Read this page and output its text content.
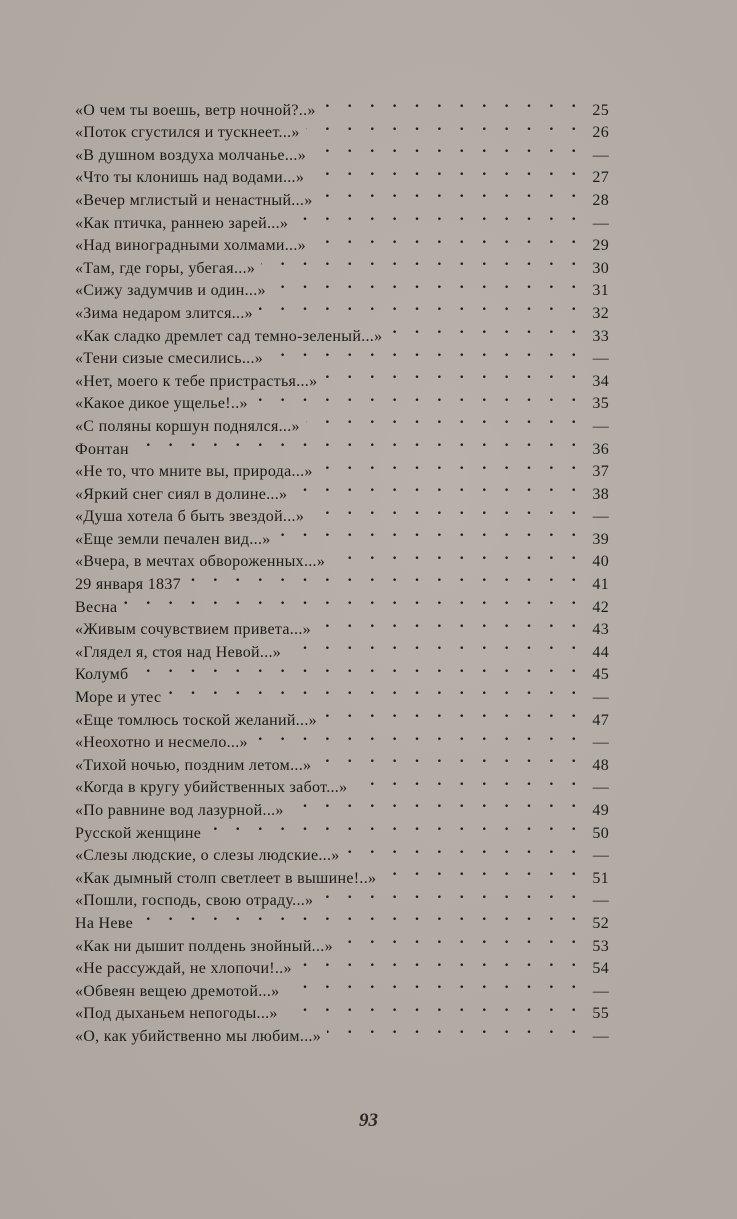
«О чем ты воешь, ветр ночной?..» . . .	25
«Поток сгустился и тускнеет...» . . .	26
«В душном воздуха молчанье...» . . .	—
«Что ты клонишь над водами...» . . .	27
«Вечер мглистый и ненастный...» . . .	28
«Как птичка, раннею зарей...» . . .	—
«Над виноградными холмами...» . . .	29
«Там, где горы, убегая...» . . .	30
«Сижу задумчив и один...» . . .	31
«Зима недаром злится...» . . .	32
«Как сладко дремлет сад темно-зеленый...» . . .	33
«Тени сизые смесились...» . . .	—
«Нет, моего к тебе пристрастья...» . . .	34
«Какое дикое ущелье!..» . . .	35
«С поляны коршун поднялся...» . . .	—
Фонтан . . .	36
«Не то, что мните вы, природа...» . . .	37
«Яркий снег сиял в долине...» . . .	38
«Душа хотела б быть звездой...» . . .	—
«Еще земли печален вид...» . . .	39
«Вчера, в мечтах обвороженных...» . . .	40
29 января 1837 . . .	41
Весна . . .	42
«Живым сочувствием привета...» . . .	43
«Глядел я, стоя над Невой...» . . .	44
Колумб . . .	45
Море и утес . . .	—
«Еще томлюсь тоской желаний...» . . .	47
«Неохотно и несмело...» . . .	—
«Тихой ночью, поздним летом...» . . .	48
«Когда в кругу убийственных забот...» . . .	—
«По равнине вод лазурной...» . . .	49
Русской женщине . . .	50
«Слезы людские, о слезы людские...» . . .	—
«Как дымный столп светлеет в вышине!..» . . .	51
«Пошли, господь, свою отраду...» . . .	—
На Неве . . .	52
«Как ни дышит полдень знойный...» . . .	53
«Не рассуждай, не хлопочи!..» . . .	54
«Обвеян вещею дремотой...» . . .	—
«Под дыханьем непогоды...» . . .	55
«О, как убийственно мы любим...» . . .	—
93
